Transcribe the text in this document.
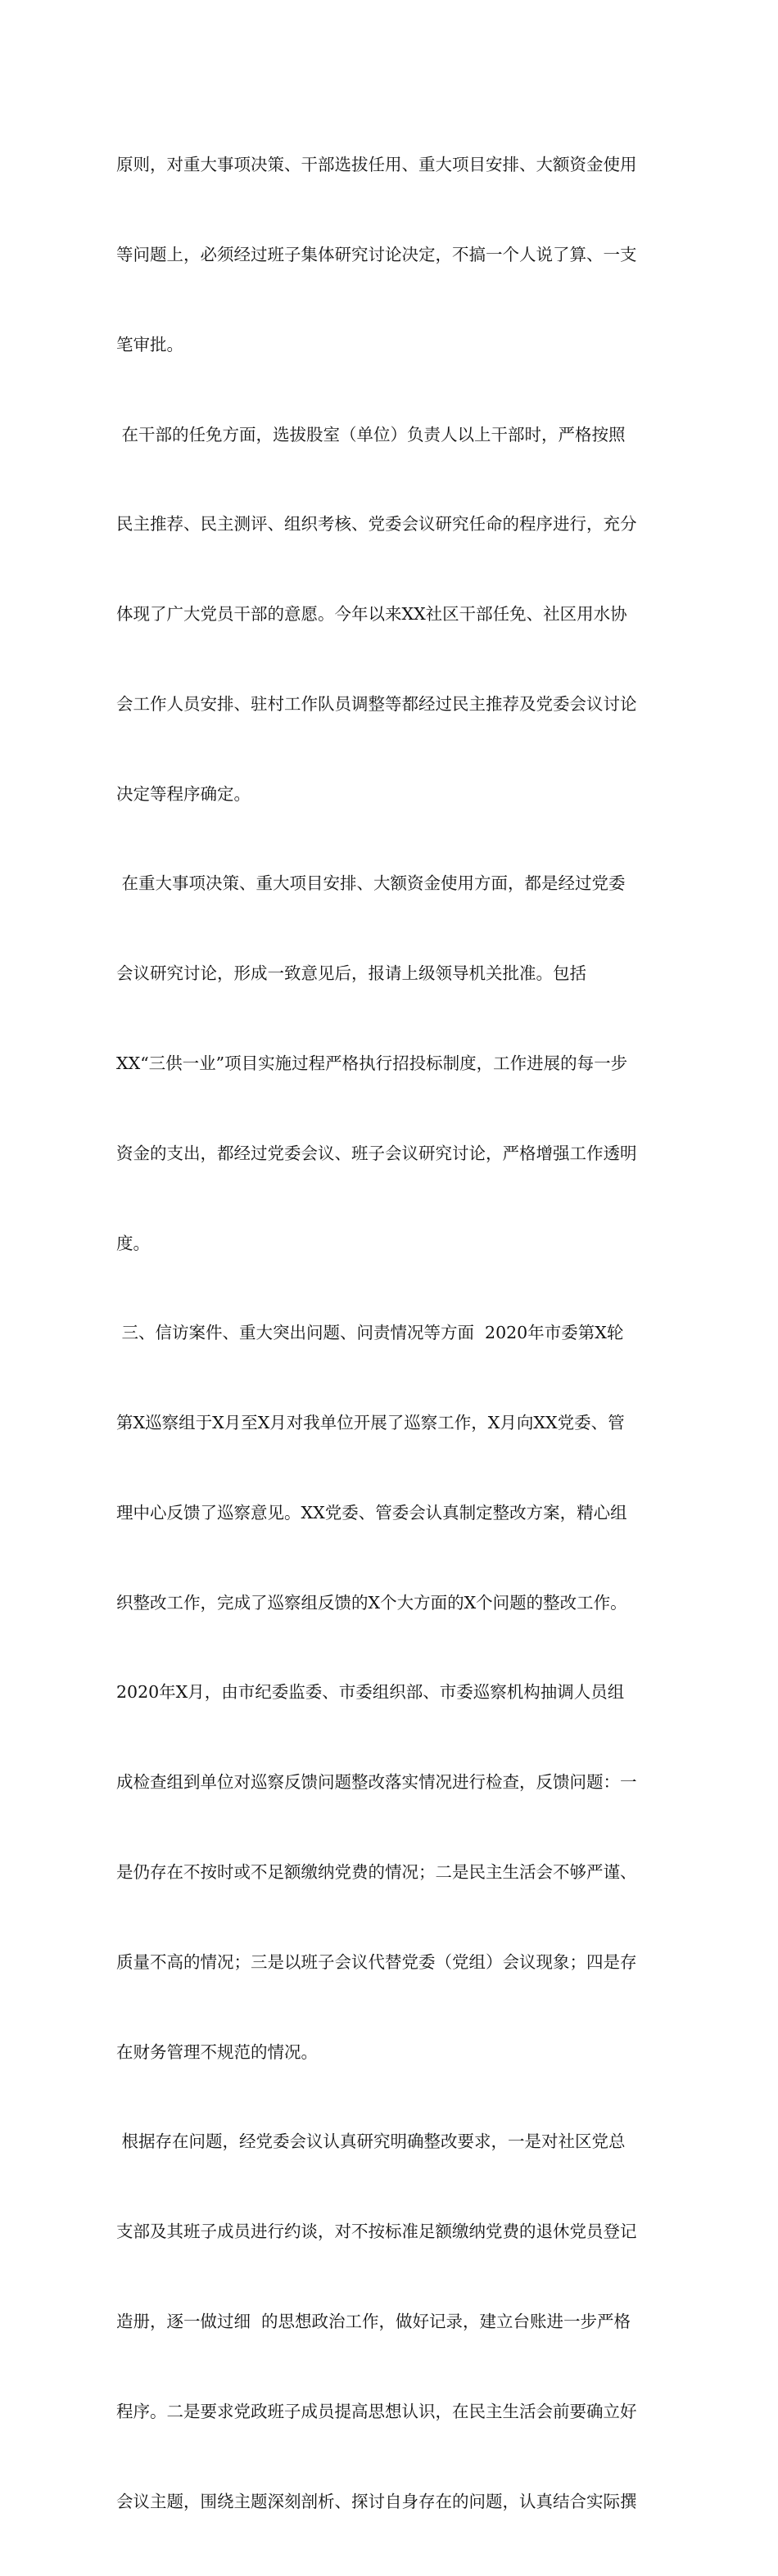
原则，对重大事项决策、干部选拔任用、重大项目安排、大额资金使用

等问题上，必须经过班子集体研究讨论决定，不搞一个人说了算、一支

笔审批。

在干部的任免方面，选拔股室（单位）负责人以上干部时，严格按照

民主推荐、民主测评、组织考核、党委会议研究任命的程序进行，充分

体现了广大党员干部的意愿。今年以来XX社区干部任免、社区用水协

会工作人员安排、驻村工作队员调整等都经过民主推荐及党委会议讨论

决定等程序确定。

在重大事项决策、重大项目安排、大额资金使用方面，都是经过党委

会议研究讨论，形成一致意见后，报请上级领导机关批准。包括

XX“三供一业”项目实施过程严格执行招投标制度，工作进展的每一步

资金的支出，都经过党委会议、班子会议研究讨论，严格增强工作透明

度。

三、信访案件、重大突出问题、问责情况等方面  2020年市委第X轮

第X巡察组于X月至X月对我单位开展了巡察工作，X月向XX党委、管

理中心反馈了巡察意见。XX党委、管委会认真制定整改方案，精心组

织整改工作，完成了巡察组反馈的X个大方面的X个问题的整改工作。

2020年X月，由市纪委监委、市委组织部、市委巡察机构抽调人员组

成检查组到单位对巡察反馈问题整改落实情况进行检查，反馈问题：一

是仍存在不按时或不足额缴纳党费的情况；二是民主生活会不够严谨、

质量不高的情况；三是以班子会议代替党委（党组）会议现象；四是存

在财务管理不规范的情况。

根据存在问题，经党委会议认真研究明确整改要求，一是对社区党总

支部及其班子成员进行约谈，对不按标准足额缴纳党费的退休党员登记

造册，逐一做过细  的思想政治工作，做好记录，建立台账进一步严格

程序。二是要求党政班子成员提高思想认识，在民主生活会前要确立好

会议主题，围绕主题深刻剖析、探讨自身存在的问题，认真结合实际撰
